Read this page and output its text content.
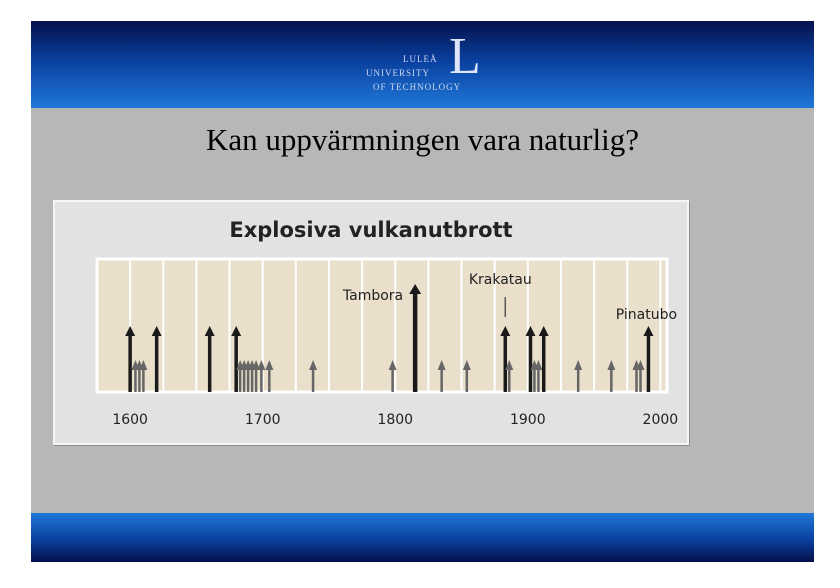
LULEÅ
UNIVERSITY
OF TECHNOLOGY
L
Kan uppvärmningen vara naturlig?
Explosiva vulkanutbrott
1600	1700	1800	1900	2000
Tambora
Krakatau
Pinatubo
